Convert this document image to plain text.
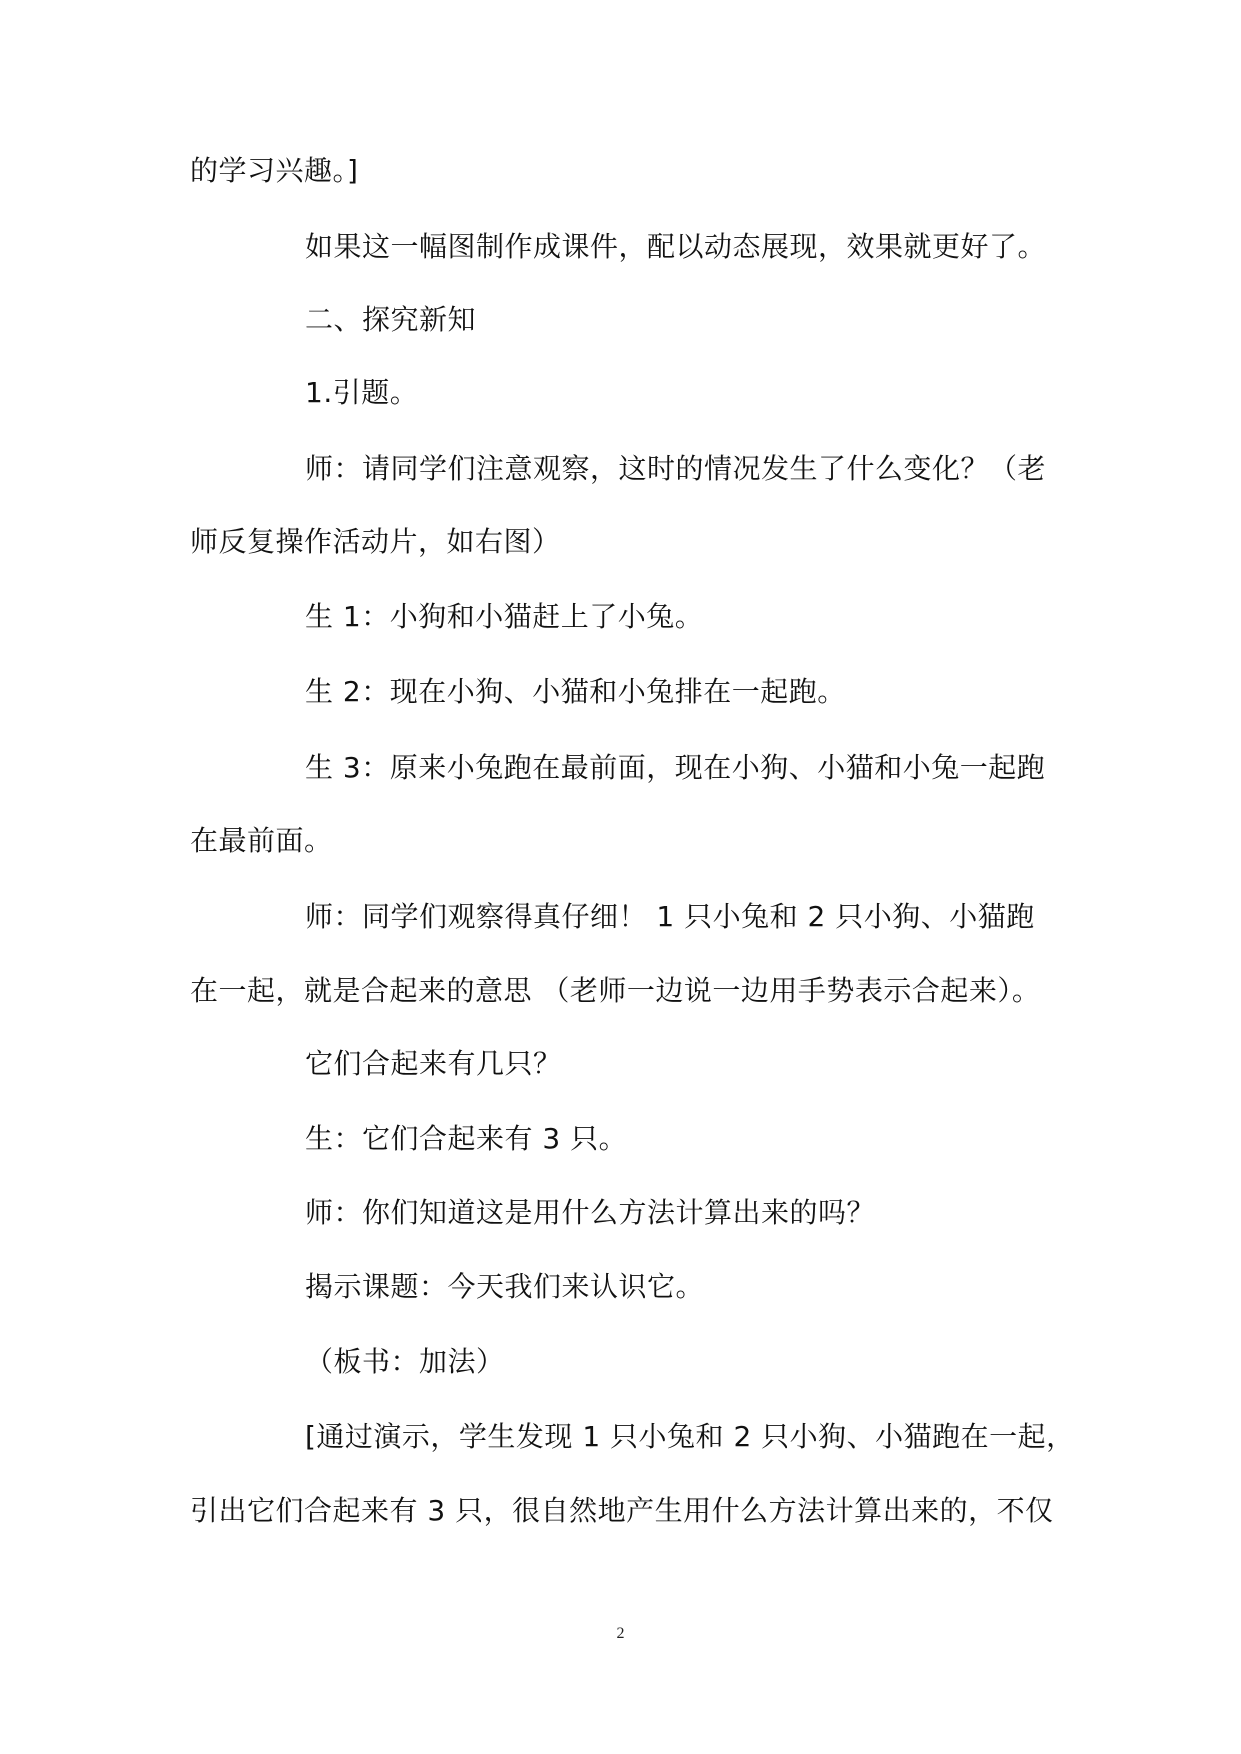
的学习兴趣。]
如果这一幅图制作成课件，配以动态展现，效果就更好了。
二、探究新知
1.引题。
师：请同学们注意观察，这时的情况发生了什么变化？（老
师反复操作活动片，如右图）
生 1：小狗和小猫赶上了小兔。
生 2：现在小狗、小猫和小兔排在一起跑。
生 3：原来小兔跑在最前面，现在小狗、小猫和小兔一起跑
在最前面。
师：同学们观察得真仔细！ 1 只小兔和 2 只小狗、小猫跑
在一起，就是合起来的意思 （老师一边说一边用手势表示合起来）。
它们合起来有几只？
生：它们合起来有 3 只。
师：你们知道这是用什么方法计算出来的吗？
揭示课题：今天我们来认识它。
（板书：加法）
[通过演示，学生发现 1 只小兔和 2 只小狗、小猫跑在一起，
引出它们合起来有 3 只，很自然地产生用什么方法计算出来的，不仅
2
